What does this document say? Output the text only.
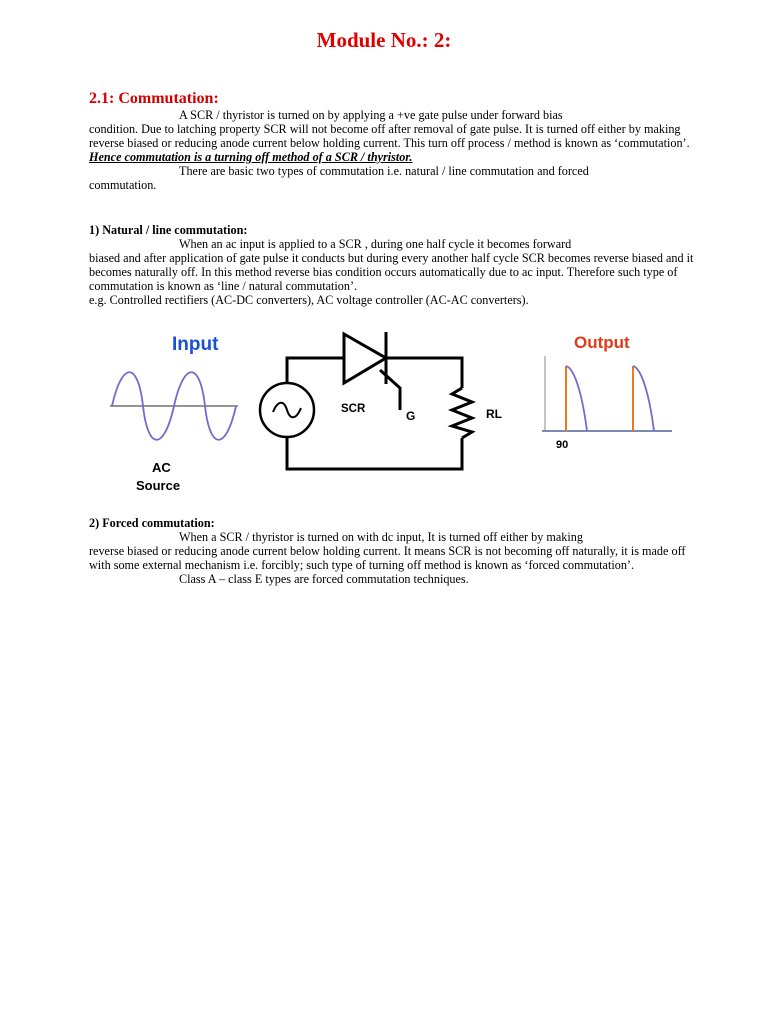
Module No.: 2:
2.1: Commutation:
A SCR / thyristor is turned on by applying a +ve gate pulse under forward bias
condition. Due to latching property SCR will not become off after removal of gate pulse. It is turned off either by making reverse biased or reducing anode current below holding current. This turn off process / method is known as ‘commutation’. Hence commutation is a turning off method of a SCR / thyristor.
There are basic two types of commutation i.e. natural / line commutation and forced
commutation.
1) Natural / line commutation:
When an ac input is applied to a SCR , during one half cycle it becomes forward
biased and after application of gate pulse it conducts but during every another half cycle SCR becomes reverse biased and it becomes naturally off. In this method reverse bias condition occurs automatically due to ac input. Therefore such type of commutation is known as ‘line / natural commutation’.
e.g. Controlled rectifiers (AC-DC converters), AC voltage controller (AC-AC converters).
Input
AC
Source
SCR	G	RL
Output
90
2) Forced commutation:
When a SCR / thyristor is turned on with dc input, It is turned off either by making
reverse biased or reducing anode current below holding current. It means SCR is not becoming off naturally, it is made off with some external mechanism i.e. forcibly; such type of turning off method is known as ‘forced commutation’.
Class A – class E types are forced commutation techniques.
